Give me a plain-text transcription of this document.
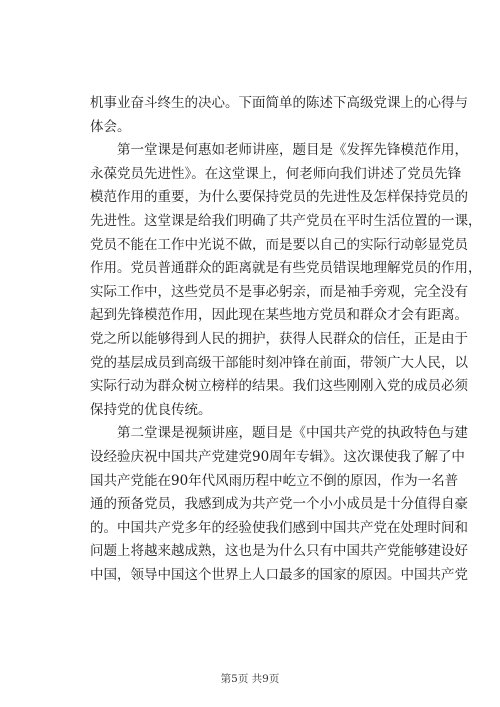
机事业奋斗终生的决心。下面简单的陈述下高级党课上的心得与
体会。
第一堂课是何惠如老师讲座，题目是《发挥先锋模范作用，
永葆党员先进性》。在这堂课上，何老师向我们讲述了党员先锋
模范作用的重要，为什么要保持党员的先进性及怎样保持党员的
先进性。这堂课是给我们明确了共产党员在平时生活位置的一课，
党员不能在工作中光说不做，而是要以自己的实际行动彰显党员
作用。党员普通群众的距离就是有些党员错误地理解党员的作用，
实际工作中，这些党员不是事必躬亲，而是袖手旁观，完全没有
起到先锋模范作用，因此现在某些地方党员和群众才会有距离。
党之所以能够得到人民的拥护，获得人民群众的信任，正是由于
党的基层成员到高级干部能时刻冲锋在前面，带领广大人民，以
实际行动为群众树立榜样的结果。我们这些刚刚入党的成员必须
保持党的优良传统。
第二堂课是视频讲座，题目是《中国共产党的执政特色与建
设经验庆祝中国共产党建党90周年专辑》。这次课使我了解了中
国共产党能在90年代风雨历程中屹立不倒的原因，作为一名普
通的预备党员，我感到成为共产党一个小小成员是十分值得自豪
的。中国共产党多年的经验使我们感到中国共产党在处理时间和
问题上将越来越成熟，这也是为什么只有中国共产党能够建设好
中国，领导中国这个世界上人口最多的国家的原因。中国共产党
第5页 共9页
